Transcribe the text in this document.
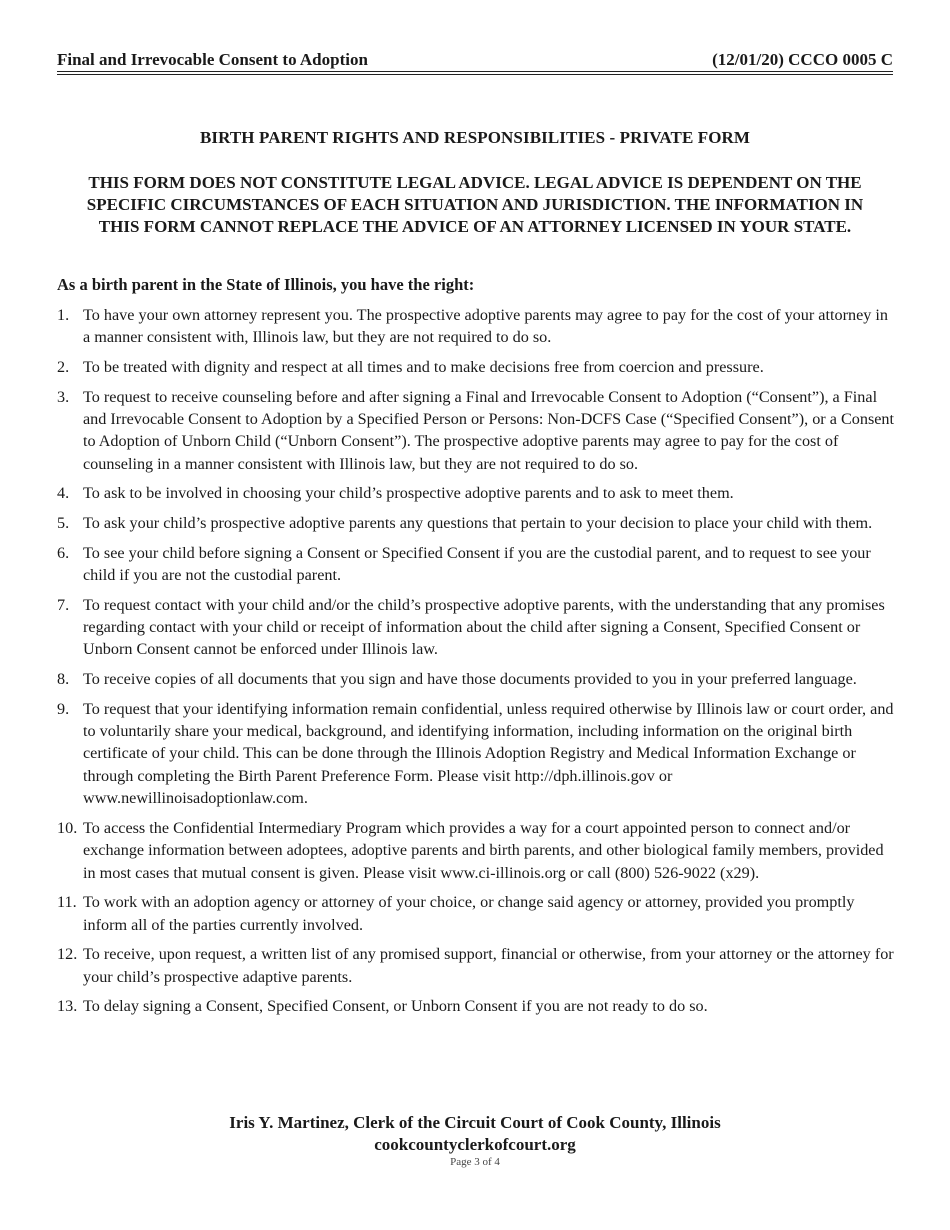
Final and Irrevocable Consent to Adoption	(12/01/20) CCCO 0005 C
BIRTH PARENT RIGHTS AND RESPONSIBILITIES - PRIVATE FORM
THIS FORM DOES NOT CONSTITUTE LEGAL ADVICE. LEGAL ADVICE IS DEPENDENT ON THE SPECIFIC CIRCUMSTANCES OF EACH SITUATION AND JURISDICTION. THE INFORMATION IN THIS FORM CANNOT REPLACE THE ADVICE OF AN ATTORNEY LICENSED IN YOUR STATE.
As a birth parent in the State of Illinois, you have the right:
1. To have your own attorney represent you. The prospective adoptive parents may agree to pay for the cost of your attorney in a manner consistent with, Illinois law, but they are not required to do so.
2. To be treated with dignity and respect at all times and to make decisions free from coercion and pressure.
3. To request to receive counseling before and after signing a Final and Irrevocable Consent to Adoption (“Consent”), a Final and Irrevocable Consent to Adoption by a Specified Person or Persons: Non-DCFS Case (“Specified Consent”), or a Consent to Adoption of Unborn Child (“Unborn Consent”). The prospective adoptive parents may agree to pay for the cost of counseling in a manner consistent with Illinois law, but they are not required to do so.
4. To ask to be involved in choosing your child’s prospective adoptive parents and to ask to meet them.
5. To ask your child’s prospective adoptive parents any questions that pertain to your decision to place your child with them.
6. To see your child before signing a Consent or Specified Consent if you are the custodial parent, and to request to see your child if you are not the custodial parent.
7. To request contact with your child and/or the child’s prospective adoptive parents, with the understanding that any promises regarding contact with your child or receipt of information about the child after signing a Consent, Specified Consent or Unborn Consent cannot be enforced under Illinois law.
8. To receive copies of all documents that you sign and have those documents provided to you in your preferred language.
9. To request that your identifying information remain confidential, unless required otherwise by Illinois law or court order, and to voluntarily share your medical, background, and identifying information, including information on the original birth certificate of your child. This can be done through the Illinois Adoption Registry and Medical Information Exchange or through completing the Birth Parent Preference Form. Please visit http://dph.illinois.gov or www.newillinoisadoptionlaw.com.
10. To access the Confidential Intermediary Program which provides a way for a court appointed person to connect and/or exchange information between adoptees, adoptive parents and birth parents, and other biological family members, provided in most cases that mutual consent is given. Please visit www.ci-illinois.org or call (800) 526-9022 (x29).
11. To work with an adoption agency or attorney of your choice, or change said agency or attorney, provided you promptly inform all of the parties currently involved.
12. To receive, upon request, a written list of any promised support, financial or otherwise, from your attorney or the attorney for your child’s prospective adaptive parents.
13. To delay signing a Consent, Specified Consent, or Unborn Consent if you are not ready to do so.
Iris Y. Martinez, Clerk of the Circuit Court of Cook County, Illinois
cookcountyclerkofcourt.org
Page 3 of 4
